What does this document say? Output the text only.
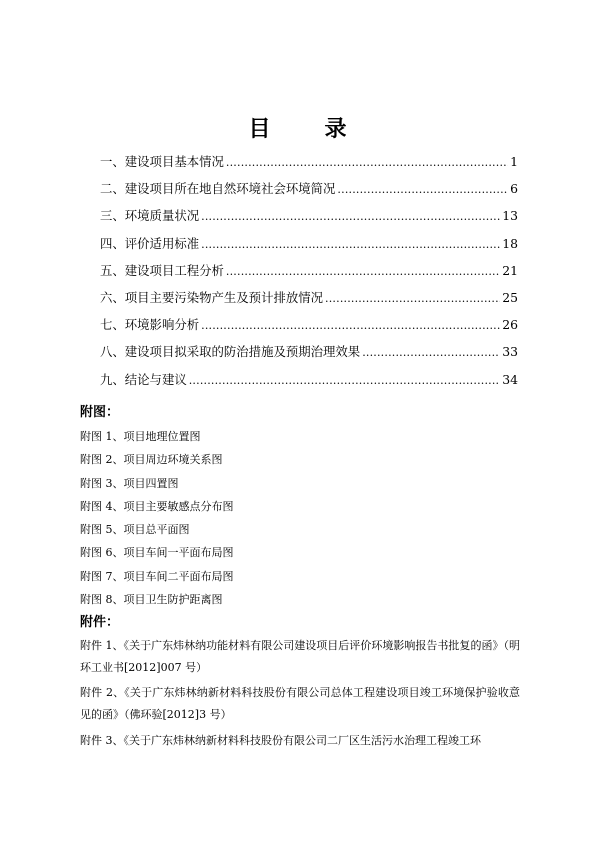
目　录
一、建设项目基本情况 .....	1
二、建设项目所在地自然环境社会环境简况 .....	6
三、环境质量状况 .....	13
四、评价适用标准 .....	18
五、建设项目工程分析 .....	21
六、项目主要污染物产生及预计排放情况 .....	25
七、环境影响分析 .....	26
八、建设项目拟采取的防治措施及预期治理效果 .....	33
九、结论与建议 .....	34
附图：
附图 1、项目地理位置图
附图 2、项目周边环境关系图
附图 3、项目四置图
附图 4、项目主要敏感点分布图
附图 5、项目总平面图
附图 6、项目车间一平面布局图
附图 7、项目车间二平面布局图
附图 8、项目卫生防护距离图
附件：
附件 1、《关于广东炜林纳功能材料有限公司建设项目后评价环境影响报告书批复的函》（明环工业书[2012]007 号）
附件 2、《关于广东炜林纳新材料科技股份有限公司总体工程建设项目竣工环境保护验收意见的函》（佛环验[2012]3 号）
附件 3、《关于广东炜林纳新材料科技股份有限公司二厂区生活污水治理工程竣工环
